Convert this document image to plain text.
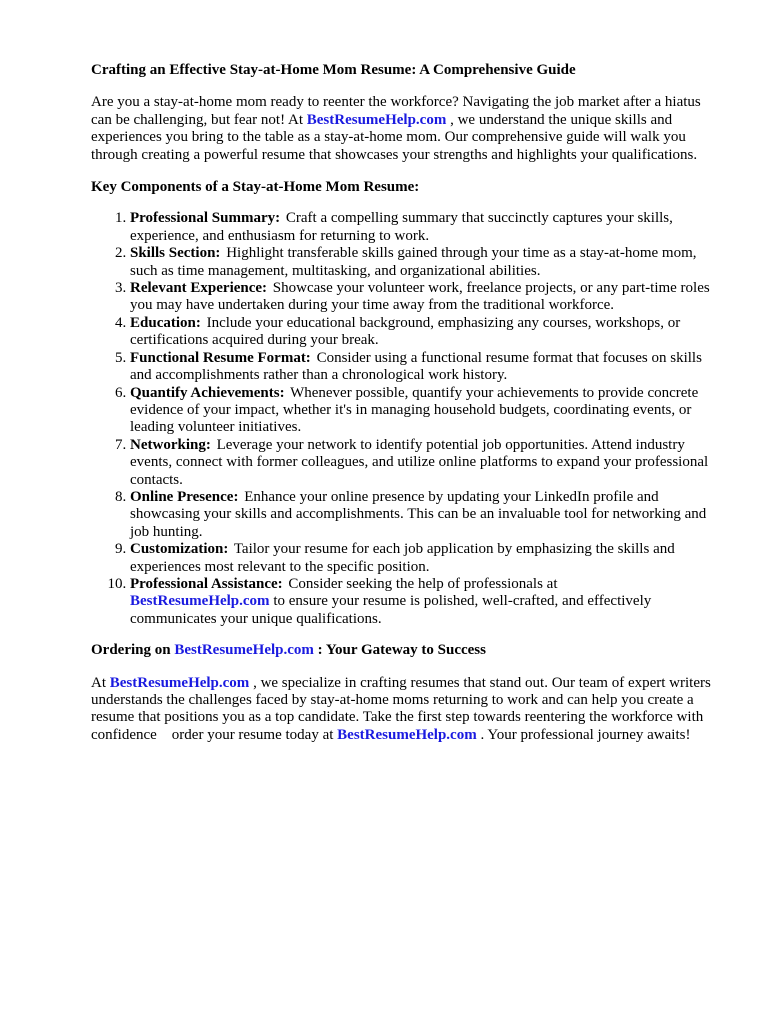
Crafting an Effective Stay-at-Home Mom Resume: A Comprehensive Guide

Are you a stay-at-home mom ready to reenter the workforce? Navigating the job market after a hiatus can be challenging, but fear not! At BestResumeHelp.com , we understand the unique skills and experiences you bring to the table as a stay-at-home mom. Our comprehensive guide will walk you through creating a powerful resume that showcases your strengths and highlights your qualifications.

Key Components of a Stay-at-Home Mom Resume:

1. Professional Summary: Craft a compelling summary that succinctly captures your skills, experience, and enthusiasm for returning to work.
2. Skills Section: Highlight transferable skills gained through your time as a stay-at-home mom, such as time management, multitasking, and organizational abilities.
3. Relevant Experience: Showcase your volunteer work, freelance projects, or any part-time roles you may have undertaken during your time away from the traditional workforce.
4. Education: Include your educational background, emphasizing any courses, workshops, or certifications acquired during your break.
5. Functional Resume Format: Consider using a functional resume format that focuses on skills and accomplishments rather than a chronological work history.
6. Quantify Achievements: Whenever possible, quantify your achievements to provide concrete evidence of your impact, whether it's in managing household budgets, coordinating events, or leading volunteer initiatives.
7. Networking: Leverage your network to identify potential job opportunities. Attend industry events, connect with former colleagues, and utilize online platforms to expand your professional contacts.
8. Online Presence: Enhance your online presence by updating your LinkedIn profile and showcasing your skills and accomplishments. This can be an invaluable tool for networking and job hunting.
9. Customization: Tailor your resume for each job application by emphasizing the skills and experiences most relevant to the specific position.
10. Professional Assistance: Consider seeking the help of professionals at
BestResumeHelp.com to ensure your resume is polished, well-crafted, and effectively communicates your unique qualifications.

Ordering on BestResumeHelp.com : Your Gateway to Success

At BestResumeHelp.com , we specialize in crafting resumes that stand out. Our team of expert writers understands the challenges faced by stay-at-home moms returning to work and can help you create a resume that positions you as a top candidate. Take the first step towards reentering the workforce with confidence    order your resume today at BestResumeHelp.com . Your professional journey awaits!
